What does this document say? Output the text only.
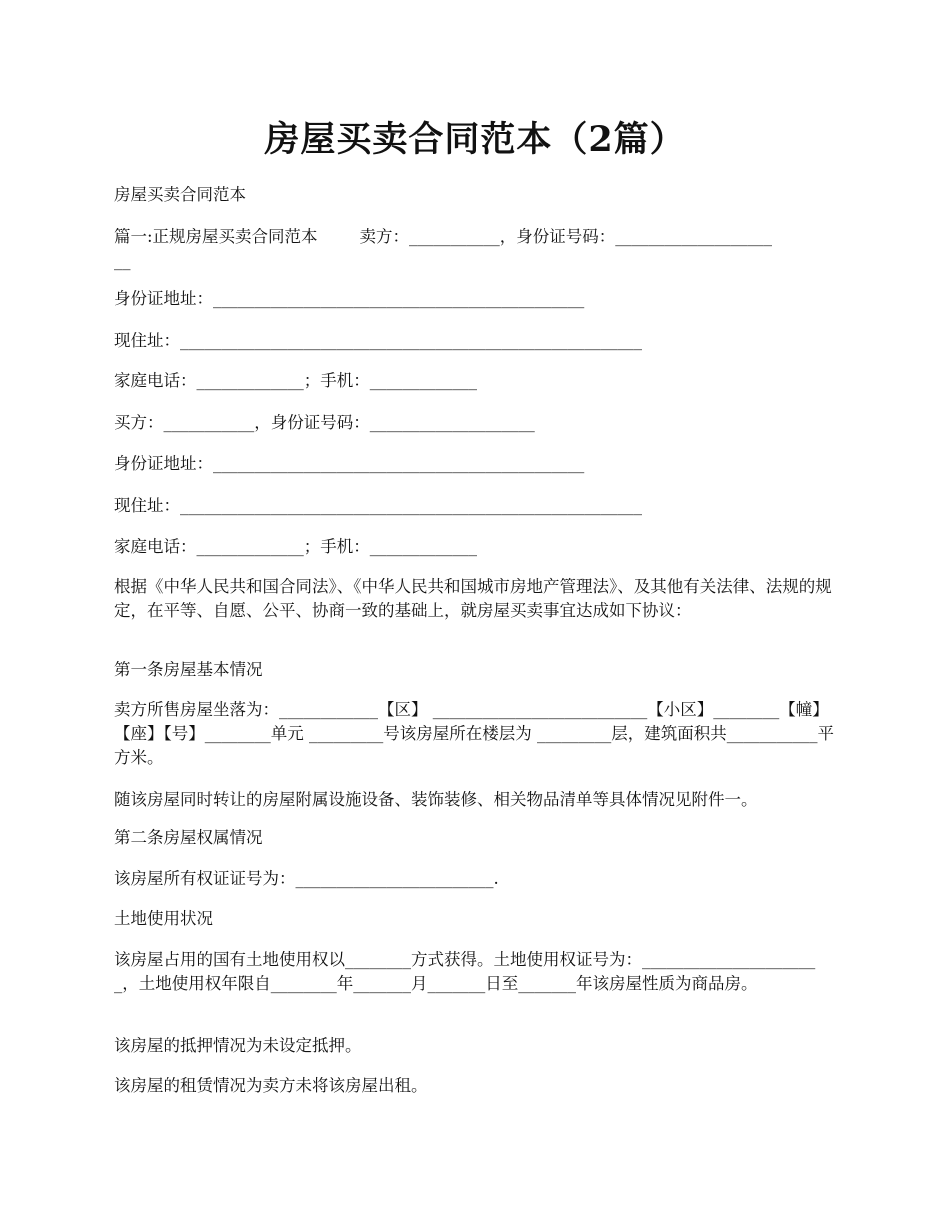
房屋买卖合同范本（2篇）

房屋买卖合同范本

篇一:正规房屋买卖合同范本        卖方：___________，身份证号码：___________________
__

身份证地址：_____________________________________________

现住址：________________________________________________________

家庭电话：_____________；手机：_____________

买方：___________，身份证号码：____________________

身份证地址：_____________________________________________

现住址：________________________________________________________

家庭电话：_____________；手机：_____________

根据《中华人民共和国合同法》、《中华人民共和国城市房地产管理法》、及其他有关法律、法规的规定，在平等、自愿、公平、协商一致的基础上，就房屋买卖事宜达成如下协议：

第一条房屋基本情况

卖方所售房屋坐落为：____________【区】 __________________________【小区】________【幢】【座】【号】________单元 _________号该房屋所在楼层为 _________层，建筑面积共___________平方米。

随该房屋同时转让的房屋附属设施设备、装饰装修、相关物品清单等具体情况见附件一。

第二条房屋权属情况

该房屋所有权证证号为：________________________.

土地使用状况

该房屋占用的国有土地使用权以________方式获得。土地使用权证号为：______________________，土地使用权年限自________年_______月_______日至_______年该房屋性质为商品房。

该房屋的抵押情况为未设定抵押。

该房屋的租赁情况为卖方未将该房屋出租。
